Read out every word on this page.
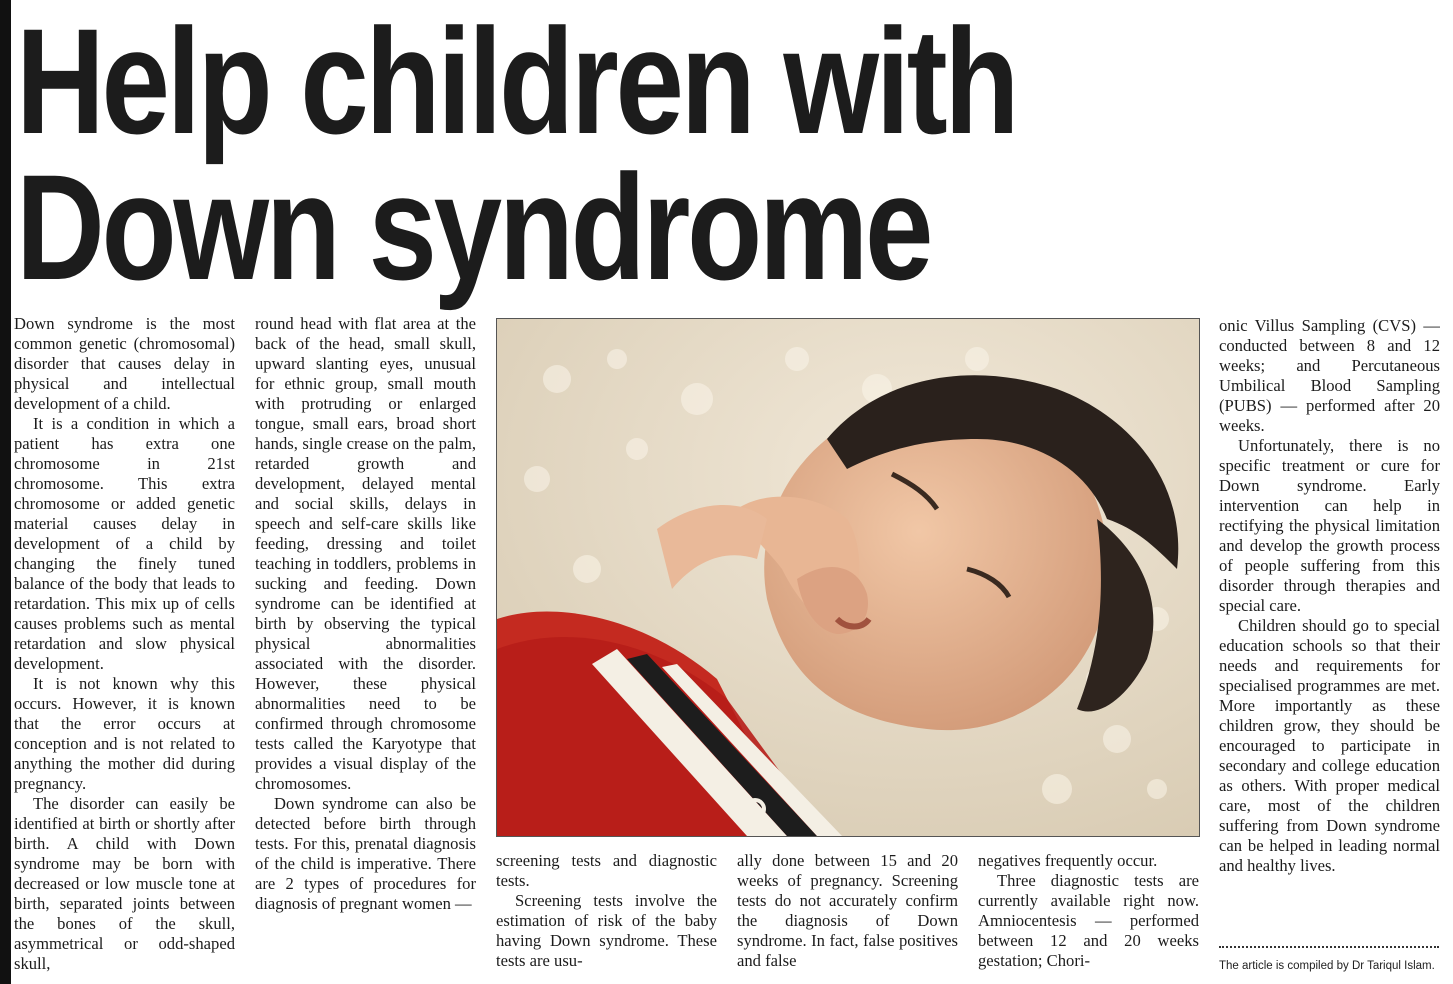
Help children with
Down syndrome

Down syndrome is the most common genetic (chromosomal) disorder that causes delay in physical and intellectual development of a child.

It is a condition in which a patient has extra one chromosome in 21st chromosome. This extra chromosome or added genetic material causes delay in development of a child by changing the finely tuned balance of the body that leads to retardation. This mix up of cells causes problems such as mental retardation and slow physical development.

It is not known why this occurs. However, it is known that the error occurs at conception and is not related to anything the mother did during pregnancy.

The disorder can easily be identified at birth or shortly after birth. A child with Down syndrome may be born with decreased or low muscle tone at birth, separated joints between the bones of the skull, asymmetrical or odd-shaped skull,

round head with flat area at the back of the head, small skull, upward slanting eyes, unusual for ethnic group, small mouth with protruding or enlarged tongue, small ears, broad short hands, single crease on the palm, retarded growth and development, delayed mental and social skills, delays in speech and self-care skills like feeding, dressing and toilet teaching in toddlers, problems in sucking and feeding. Down syndrome can be identified at birth by observing the typical physical abnormalities associated with the disorder. However, these physical abnormalities need to be confirmed through chromosome tests called the Karyotype that provides a visual display of the chromosomes.

Down syndrome can also be detected before birth through tests. For this, prenatal diagnosis of the child is imperative. There are 2 types of procedures for diagnosis of pregnant women —

screening tests and diagnostic tests.

Screening tests involve the estimation of risk of the baby having Down syndrome. These tests are usu-

ally done between 15 and 20 weeks of pregnancy. Screening tests do not accurately confirm the diagnosis of Down syndrome. In fact, false positives and false

negatives frequently occur.

Three diagnostic tests are currently available right now. Amniocentesis — performed between 12 and 20 weeks gestation; Chori-

onic Villus Sampling (CVS) — conducted between 8 and 12 weeks; and Percutaneous Umbilical Blood Sampling (PUBS) — performed after 20 weeks.

Unfortunately, there is no specific treatment or cure for Down syndrome. Early intervention can help in rectifying the physical limitation and develop the growth process of people suffering from this disorder through therapies and special care.

Children should go to special education schools so that their needs and requirements for specialised programmes are met. More importantly as these children grow, they should be encouraged to participate in secondary and college education as others. With proper medical care, most of the children suffering from Down syndrome can be helped in leading normal and healthy lives.

The article is compiled by Dr Tariqul Islam.
